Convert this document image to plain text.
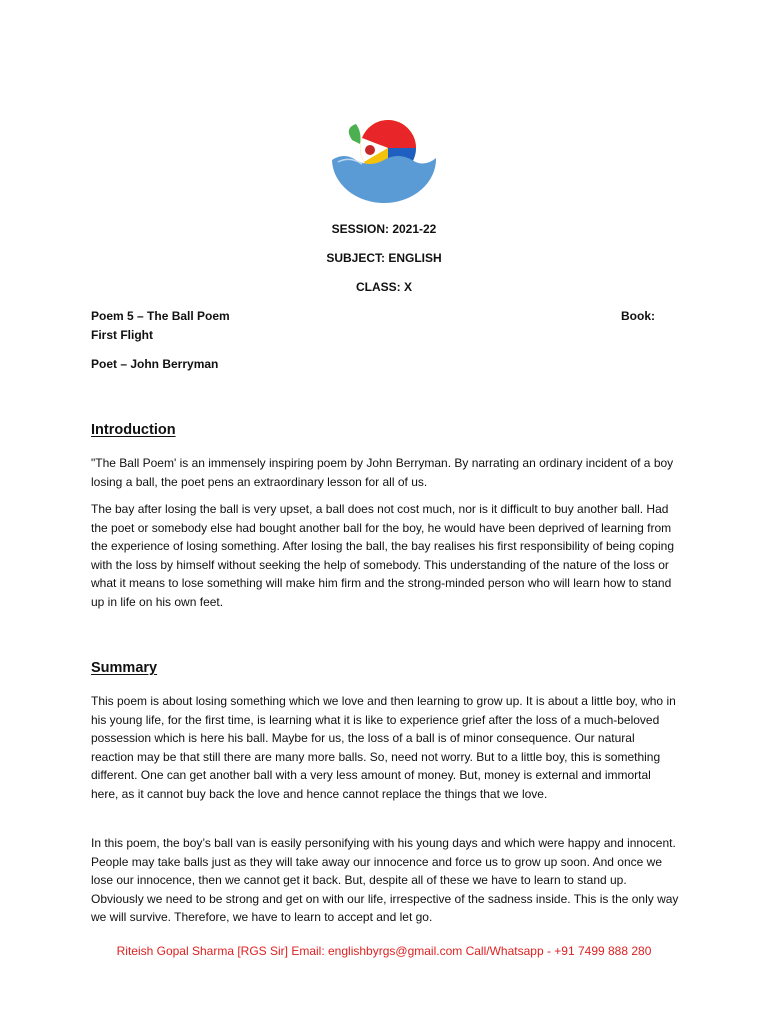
SESSION: 2021-22
SUBJECT: ENGLISH
CLASS: X
Poem 5 – The Ball Poem	Book:
First Flight
Poet – John Berryman
Introduction

"The Ball Poem' is an immensely inspiring poem by John Berryman. By narrating an ordinary incident of a boy losing a ball, the poet pens an extraordinary lesson for all of us.

The bay after losing the ball is very upset, a ball does not cost much, nor is it difficult to buy another ball. Had the poet or somebody else had bought another ball for the boy, he would have been deprived of learning from the experience of losing something. After losing the ball, the bay realises his first responsibility of being coping with the loss by himself without seeking the help of somebody. This understanding of the nature of the loss or what it means to lose something will make him firm and the strong-minded person who will learn how to stand up in life on his own feet.

Summary

This poem is about losing something which we love and then learning to grow up. It is about a little boy, who in his young life, for the first time, is learning what it is like to experience grief after the loss of a much-beloved possession which is here his ball. Maybe for us, the loss of a ball is of minor consequence. Our natural reaction may be that still there are many more balls. So, need not worry. But to a little boy, this is something different. One can get another ball with a very less amount of money. But, money is external and immortal here, as it cannot buy back the love and hence cannot replace the things that we love.

In this poem, the boy’s ball van is easily personifying with his young days and which were happy and innocent. People may take balls just as they will take away our innocence and force us to grow up soon. And once we lose our innocence, then we cannot get it back. But, despite all of these we have to learn to stand up. Obviously we need to be strong and get on with our life, irrespective of the sadness inside. This is the only way we will survive. Therefore, we have to learn to accept and let go.

Riteish Gopal Sharma [RGS Sir] Email: englishbyrgs@gmail.com Call/Whatsapp - +91 7499 888 280
